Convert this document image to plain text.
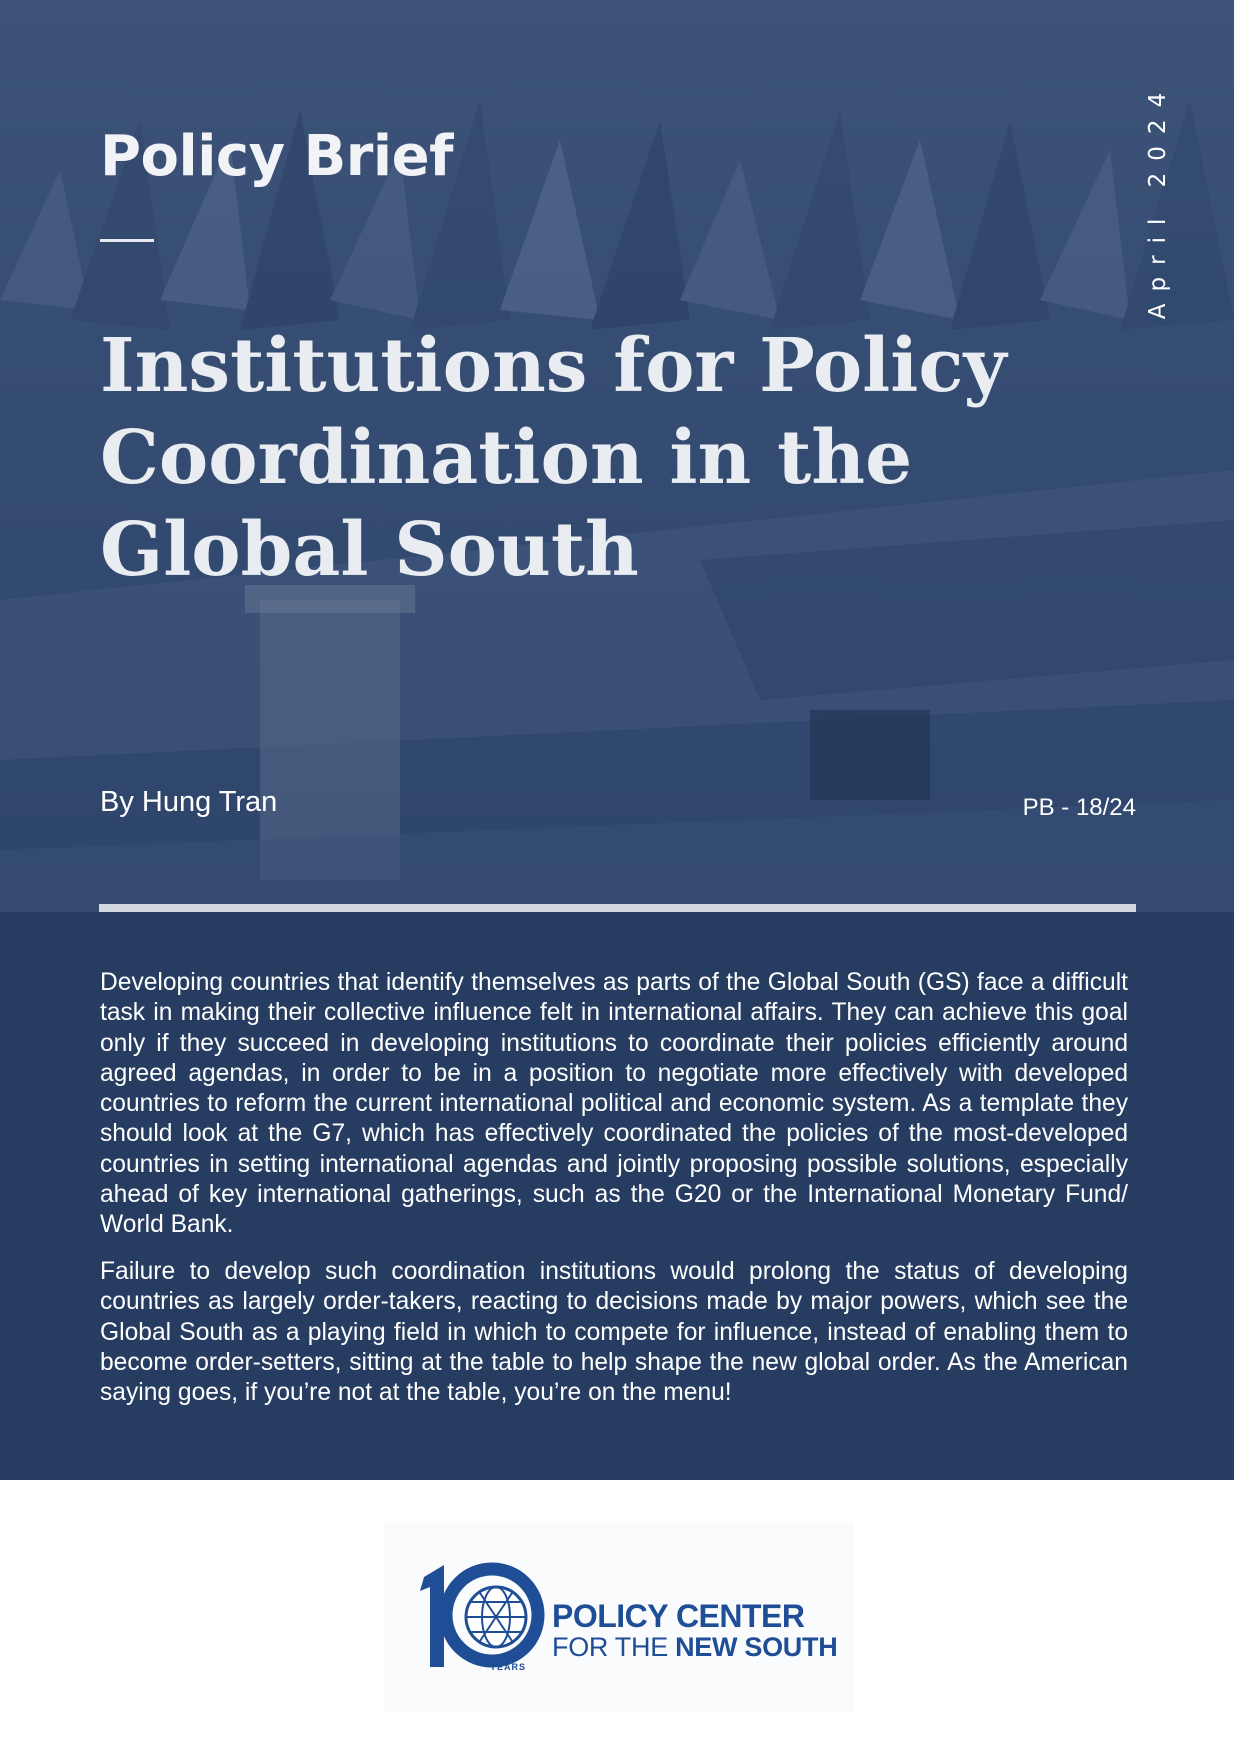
Policy Brief	April 2024
Institutions for Policy Coordination in the Global South
By Hung Tran	PB - 18/24

Developing countries that identify themselves as parts of the Global South (GS) face a difficult task in making their collective influence felt in international affairs. They can achieve this goal only if they succeed in developing institutions to coordinate their policies efficiently around agreed agendas, in order to be in a position to negotiate more effectively with developed countries to reform the current international political and economic system. As a template they should look at the G7, which has effectively coordinated the policies of the most-developed countries in setting international agendas and jointly proposing possible solutions, especially ahead of key international gatherings, such as the G20 or the International Monetary Fund/ World Bank.

Failure to develop such coordination institutions would prolong the status of developing countries as largely order-takers, reacting to decisions made by major powers, which see the Global South as a playing field in which to compete for influence, instead of enabling them to become order-setters, sitting at the table to help shape the new global order. As the American saying goes, if you’re not at the table, you’re on the menu!

YEARS
POLICY CENTER
FOR THE NEW SOUTH
